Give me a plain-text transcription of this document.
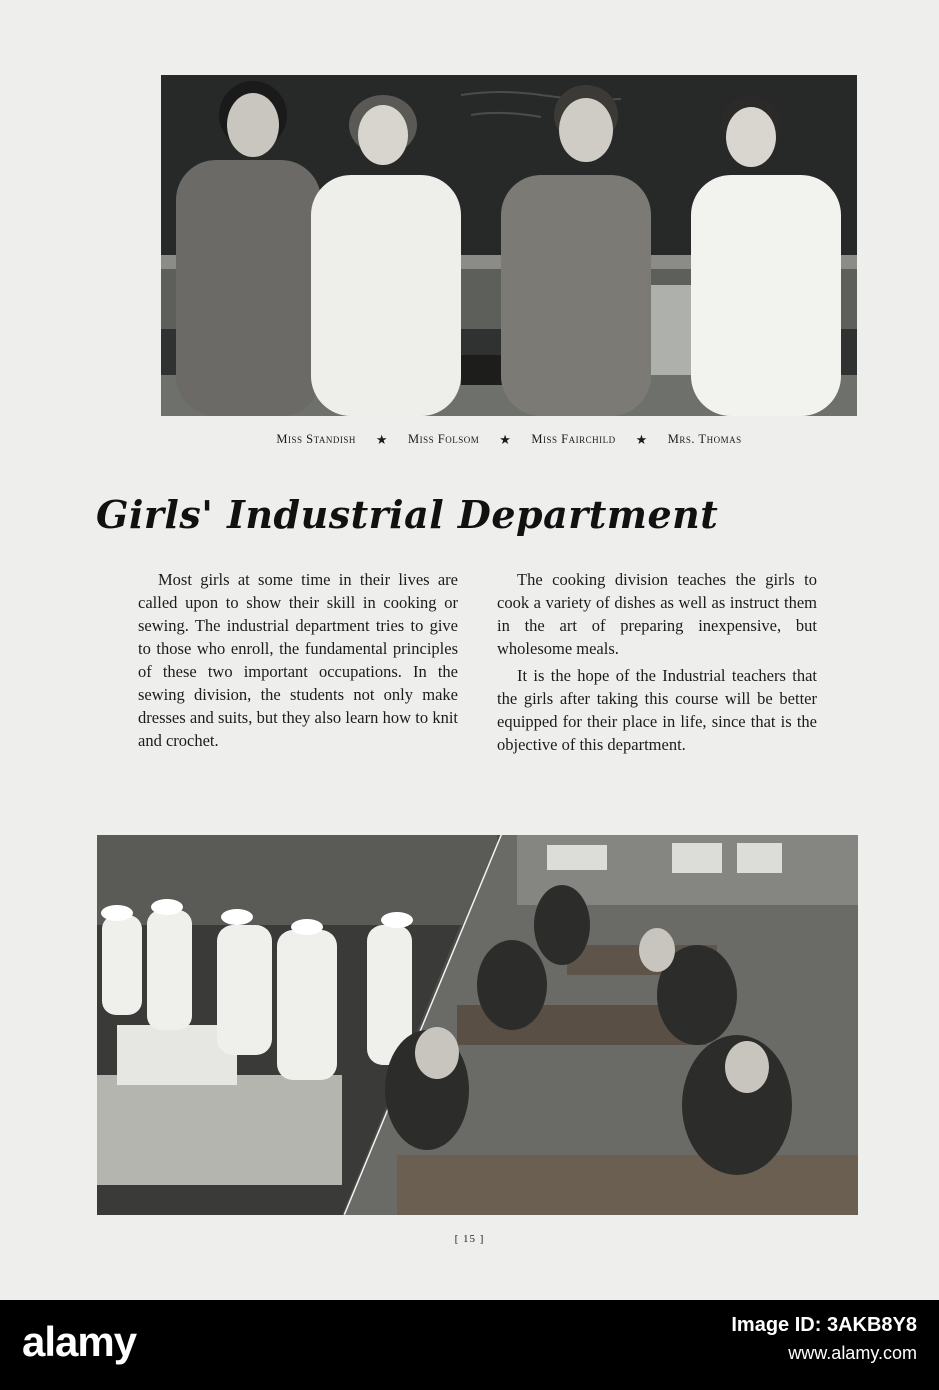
Miss Standish ★ Miss Folsom ★ Miss Fairchild ★ Mrs. Thomas
Girls' Industrial Department

Most girls at some time in their lives are called upon to show their skill in cooking or sewing. The industrial department tries to give to those who enroll, the fundamental principles of these two important occupations. In the sewing division, the students not only make dresses and suits, but they also learn how to knit and crochet.

The cooking division teaches the girls to cook a variety of dishes as well as instruct them in the art of preparing inexpensive, but wholesome meals.

It is the hope of the Industrial teachers that the girls after taking this course will be better equipped for their place in life, since that is the objective of this department.

[ 15 ]
alamy	Image ID: 3AKB8Y8
www.alamy.com
